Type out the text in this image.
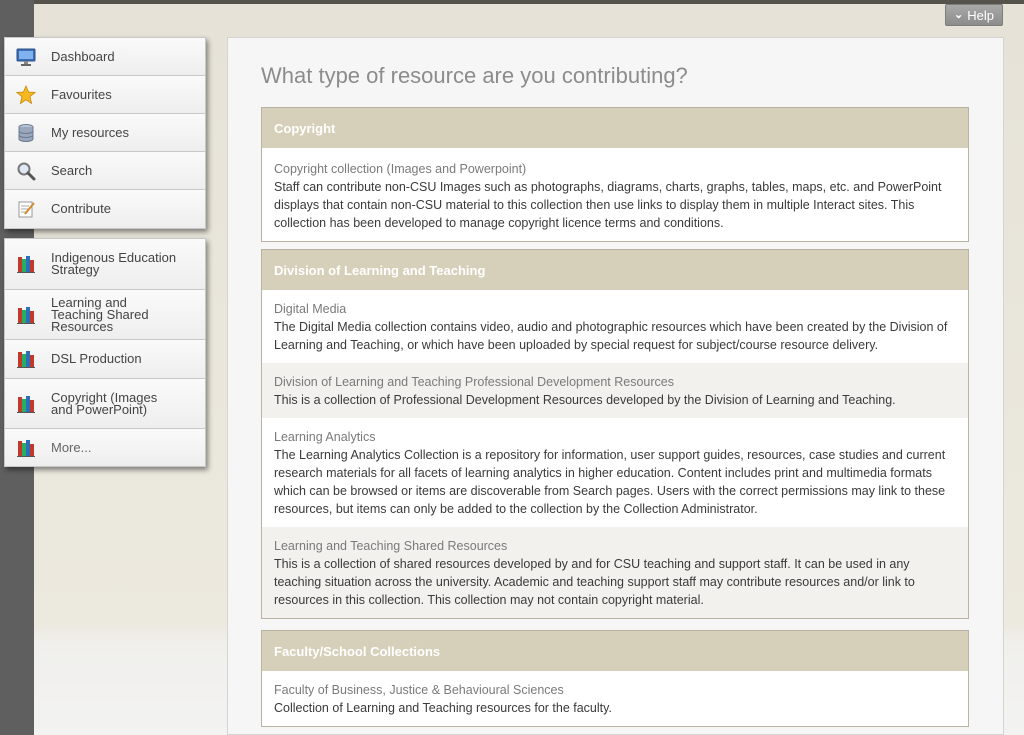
⌄ Help
Dashboard
Favourites
My resources
Search
Contribute
Indigenous Education Strategy
Learning and Teaching Shared Resources
DSL Production
Copyright (Images and PowerPoint)
More...
What type of resource are you contributing?
Copyright
Copyright collection (Images and Powerpoint)
Staff can contribute non-CSU Images such as photographs, diagrams, charts, graphs, tables, maps, etc. and PowerPoint displays that contain non-CSU material to this collection then use links to display them in multiple Interact sites. This collection has been developed to manage copyright licence terms and conditions.
Division of Learning and Teaching
Digital Media
The Digital Media collection contains video, audio and photographic resources which have been created by the Division of Learning and Teaching, or which have been uploaded by special request for subject/course resource delivery.
Division of Learning and Teaching Professional Development Resources
This is a collection of Professional Development Resources developed by the Division of Learning and Teaching.
Learning Analytics
The Learning Analytics Collection is a repository for information, user support guides, resources, case studies and current research materials for all facets of learning analytics in higher education. Content includes print and multimedia formats which can be browsed or items are discoverable from Search pages. Users with the correct permissions may link to these resources, but items can only be added to the collection by the Collection Administrator.
Learning and Teaching Shared Resources
This is a collection of shared resources developed by and for CSU teaching and support staff. It can be used in any teaching situation across the university. Academic and teaching support staff may contribute resources and/or link to resources in this collection. This collection may not contain copyright material.
Faculty/School Collections
Faculty of Business, Justice & Behavioural Sciences
Collection of Learning and Teaching resources for the faculty.
